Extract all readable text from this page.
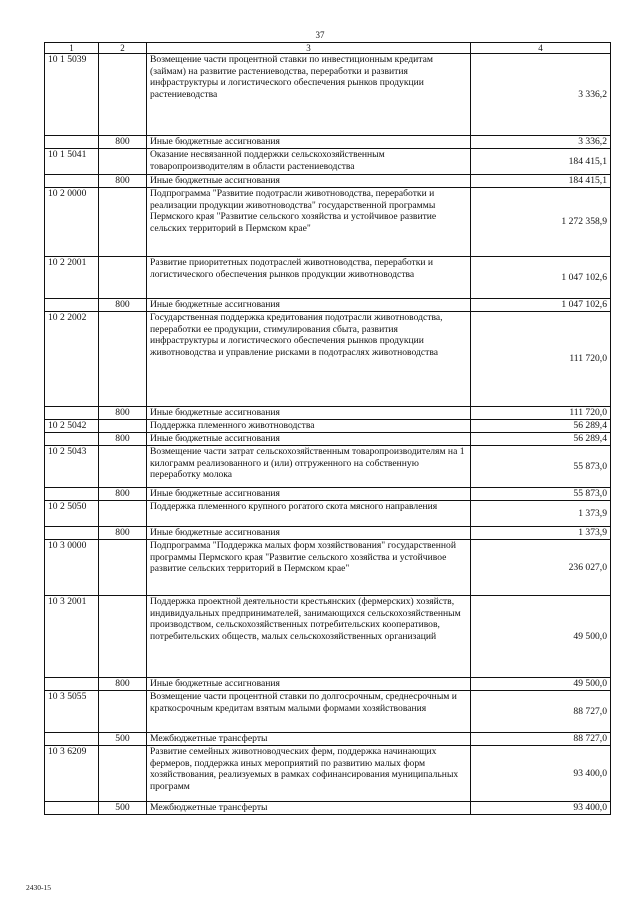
37
1	2	3	4
10 1 5039		Возмещение части процентной ставки по инвестиционным кредитам (займам) на развитие растениеводства, переработки и развития инфраструктуры и логистического обеспечения рынков продукции растениеводства	3 336,2
	800	Иные бюджетные ассигнования	3 336,2
10 1 5041		Оказание несвязанной поддержки сельскохозяйственным товаропроизводителям в области растениеводства	184 415,1
	800	Иные бюджетные ассигнования	184 415,1
10 2 0000		Подпрограмма "Развитие подотрасли животноводства, переработки и реализации продукции животноводства" государственной программы Пермского края "Развитие сельского хозяйства и устойчивое развитие сельских территорий в Пермском крае"	1 272 358,9
10 2 2001		Развитие приоритетных подотраслей животноводства, переработки и логистического обеспечения рынков продукции животноводства	1 047 102,6
	800	Иные бюджетные ассигнования	1 047 102,6
10 2 2002		Государственная поддержка кредитования подотрасли животноводства, переработки ее продукции, стимулирования сбыта, развития инфраструктуры и логистического обеспечения рынков продукции животноводства и управление рисками в подотраслях животноводства	111 720,0
	800	Иные бюджетные ассигнования	111 720,0
10 2 5042		Поддержка племенного животноводства	56 289,4
	800	Иные бюджетные ассигнования	56 289,4
10 2 5043		Возмещение части затрат сельскохозяйственным товаропроизводителям на 1 килограмм реализованного и (или) отгруженного на собственную переработку молока	55 873,0
	800	Иные бюджетные ассигнования	55 873,0
10 2 5050		Поддержка племенного крупного рогатого скота мясного направления	1 373,9
	800	Иные бюджетные ассигнования	1 373,9
10 3 0000		Подпрограмма "Поддержка малых форм хозяйствования" государственной программы Пермского края "Развитие сельского хозяйства и устойчивое развитие сельских территорий в Пермском крае"	236 027,0
10 3 2001		Поддержка проектной деятельности крестьянских (фермерских) хозяйств, индивидуальных предпринимателей, занимающихся сельскохозяйственным производством, сельскохозяйственных потребительских кооперативов, потребительских обществ, малых сельскохозяйственных организаций	49 500,0
	800	Иные бюджетные ассигнования	49 500,0
10 3 5055		Возмещение части процентной ставки по долгосрочным, среднесрочным и краткосрочным кредитам взятым малыми формами хозяйствования	88 727,0
	500	Межбюджетные трансферты	88 727,0
10 3 6209		Развитие семейных животноводческих ферм, поддержка начинающих фермеров, поддержка иных мероприятий по развитию малых форм хозяйствования, реализуемых в рамках софинансирования муниципальных программ	93 400,0
	500	Межбюджетные трансферты	93 400,0
2430-15
